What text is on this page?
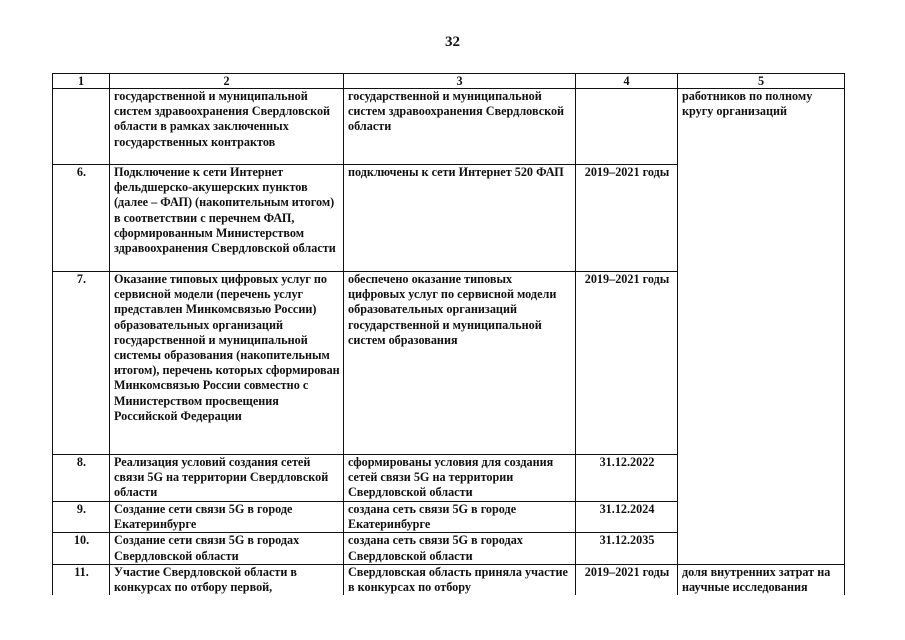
32
1	2	3	4	5
	государственной и муниципальной систем здравоохранения Свердловской области в рамках заключенных государственных контрактов	государственной и муниципальной систем здравоохранения Свердловской области		работников по полному кругу организаций
6.	Подключение к сети Интернет фельдшерско-акушерских пунктов (далее – ФАП) (накопительным итогом) в соответствии с перечнем ФАП, сформированным Министерством здравоохранения Свердловской области	подключены к сети Интернет 520 ФАП	2019–2021 годы	
7.	Оказание типовых цифровых услуг по сервисной модели (перечень услуг представлен Минкомсвязью России) образовательных организаций государственной и муниципальной системы образования (накопительным итогом), перечень которых сформирован Минкомсвязью России совместно с Министерством просвещения Российской Федерации	обеспечено оказание типовых цифровых услуг по сервисной модели образовательных организаций государственной и муниципальной систем образования	2019–2021 годы	
8.	Реализация условий создания сетей связи 5G на территории Свердловской области	сформированы условия для создания сетей связи 5G на территории Свердловской области	31.12.2022	
9.	Создание сети связи 5G в городе Екатеринбурге	создана сеть связи 5G в городе Екатеринбурге	31.12.2024	
10.	Создание сети связи 5G в городах Свердловской области	создана сеть связи 5G в городах Свердловской области	31.12.2035	
11.	Участие Свердловской области в конкурсах по отбору первой,	Свердловская область приняла участие в конкурсах по отбору	2019–2021 годы	доля внутренних затрат на научные исследования
